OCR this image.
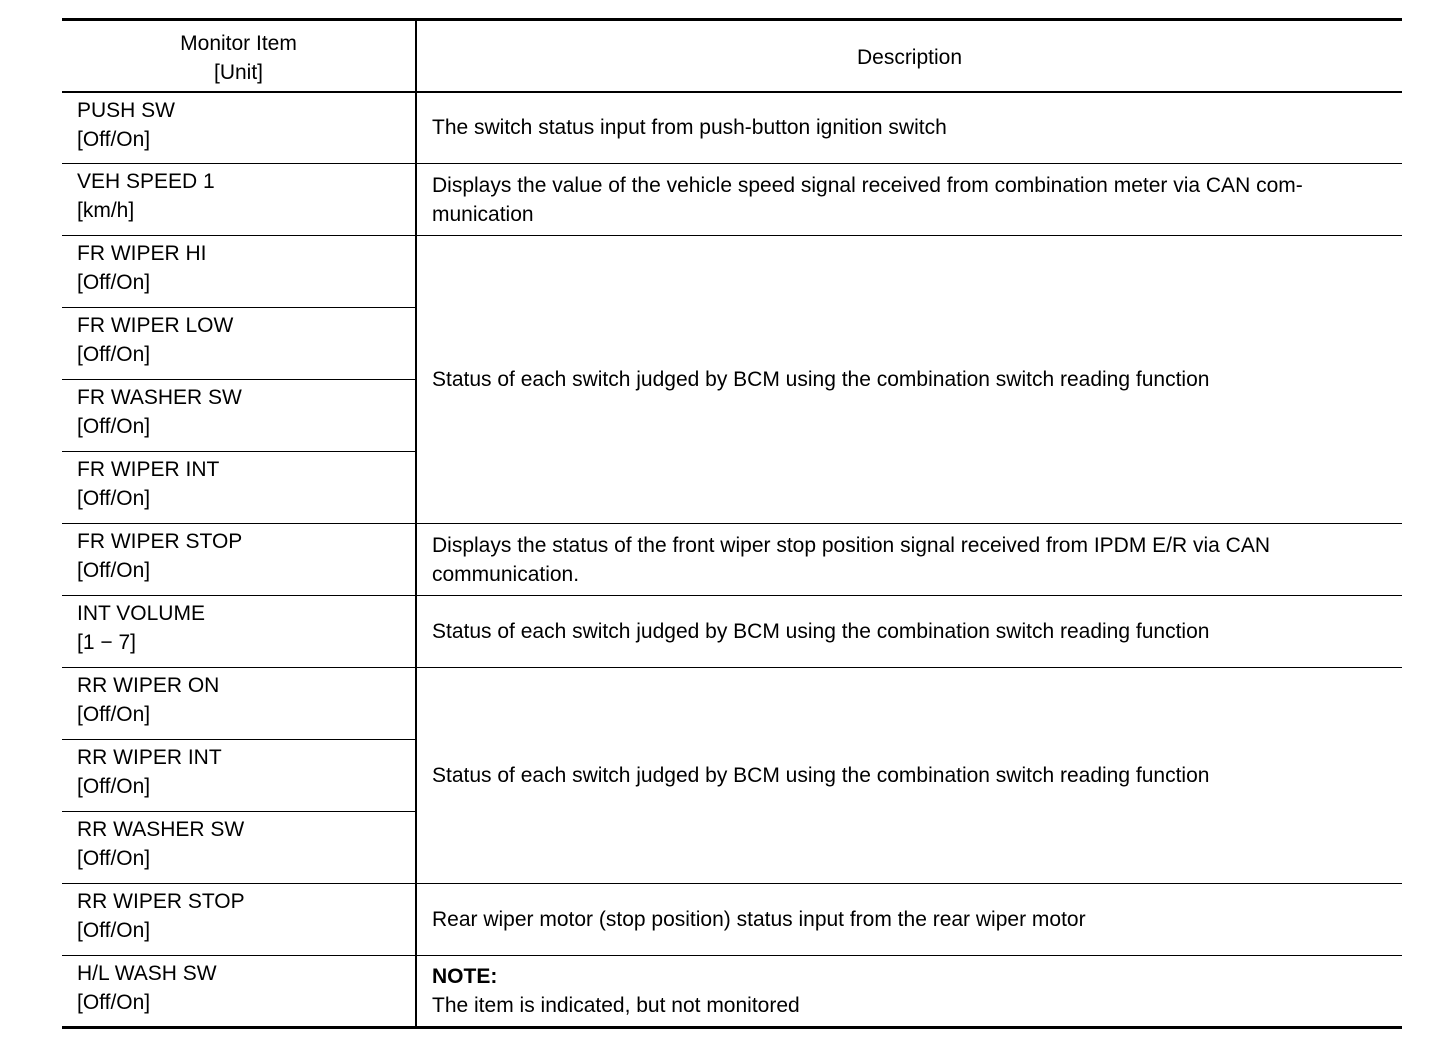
Monitor Item
[Unit]	Description

PUSH SW
[Off/On]	The switch status input from push-button ignition switch

VEH SPEED 1
[km/h]	Displays the value of the vehicle speed signal received from combination meter via CAN com-
munication

FR WIPER HI
[Off/On]	Status of each switch judged by BCM using the combination switch reading function

FR WIPER LOW
[Off/On]	

FR WASHER SW
[Off/On]	

FR WIPER INT
[Off/On]	

FR WIPER STOP
[Off/On]	Displays the status of the front wiper stop position signal received from IPDM E/R via CAN
communication.

INT VOLUME
[1 − 7]	Status of each switch judged by BCM using the combination switch reading function

RR WIPER ON
[Off/On]	Status of each switch judged by BCM using the combination switch reading function

RR WIPER INT
[Off/On]	

RR WASHER SW
[Off/On]	

RR WIPER STOP
[Off/On]	Rear wiper motor (stop position) status input from the rear wiper motor

H/L WASH SW
[Off/On]	NOTE:
The item is indicated, but not monitored
